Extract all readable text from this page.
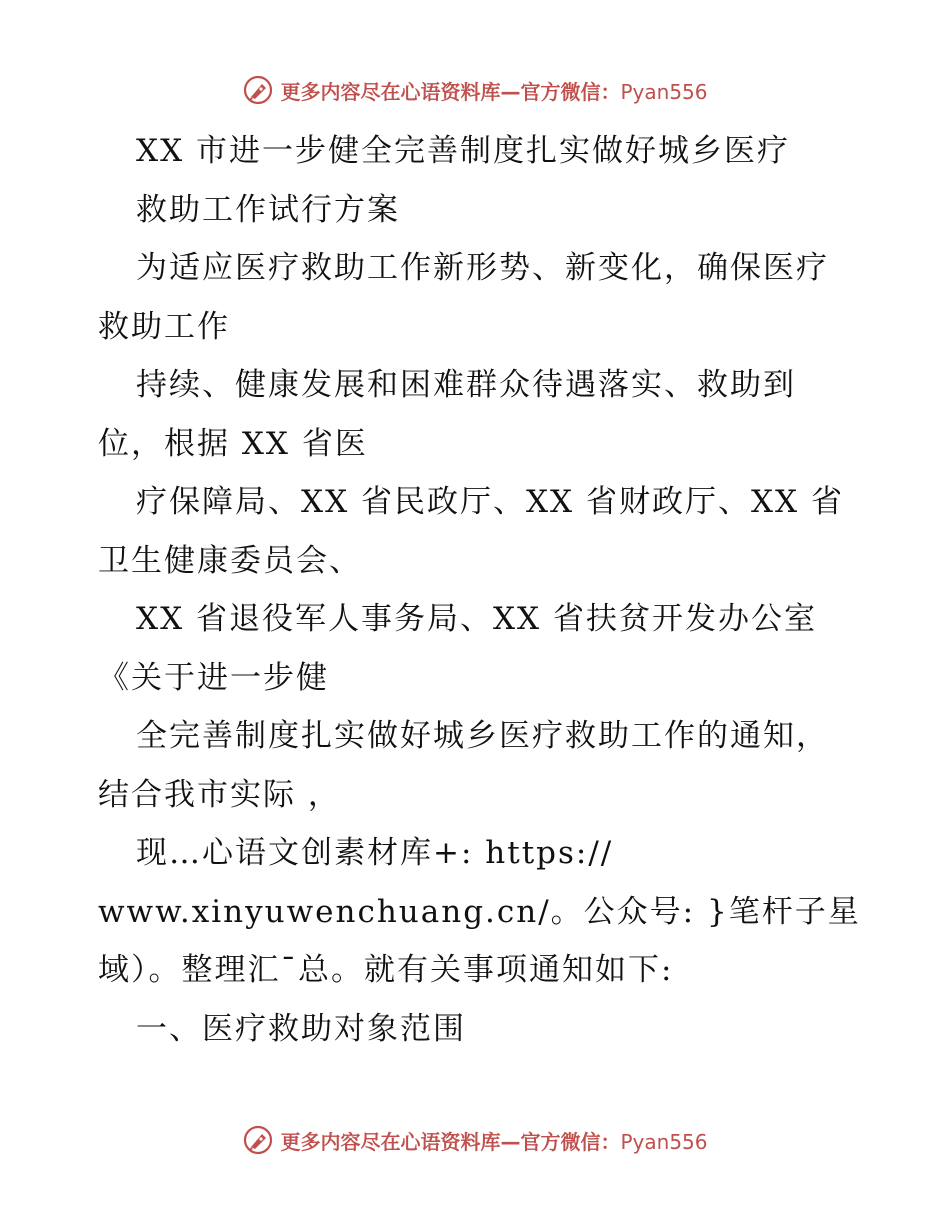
更多内容尽在心语资料库—官方微信：Pyan556
XX 市进一步健全完善制度扎实做好城乡医疗
救助工作试行方案
为适应医疗救助工作新形势、新变化，确保医疗
救助工作
持续、健康发展和困难群众待遇落实、救助到
位，根据 XX 省医
疗保障局、XX 省民政厅、XX 省财政厅、XX 省
卫生健康委员会、
XX 省退役军人事务局、XX 省扶贫开发办公室
《关于进一步健
全完善制度扎实做好城乡医疗救助工作的通知，
结合我市实际 ，
现…心语文创素材库+: https://
www.xinyuwenchuang.cn/。公众号: }笔杆子星
域）。整理汇¯总。就有关事项通知如下:
一、医疗救助对象范围
更多内容尽在心语资料库—官方微信：Pyan556
